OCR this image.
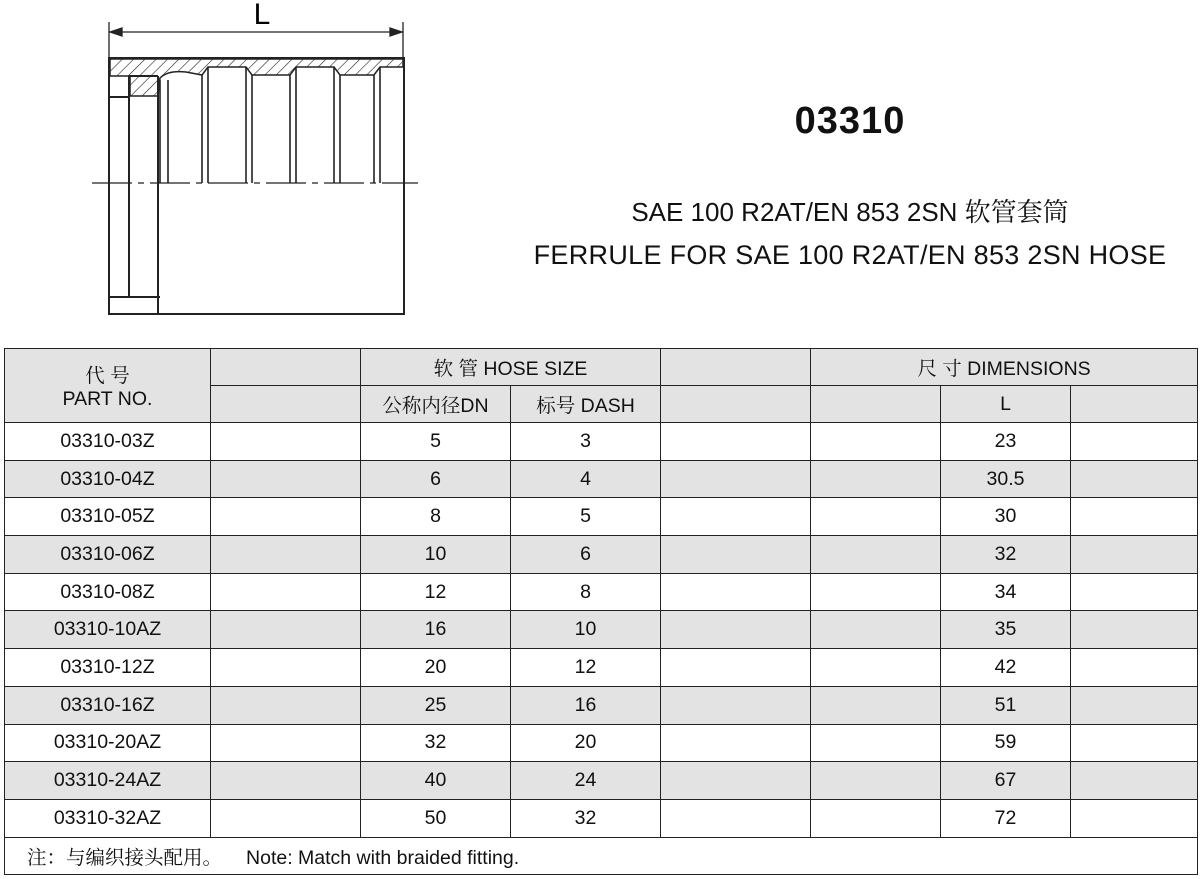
L
03310
SAE 100 R2AT/EN 853 2SN 软管套筒
FERRULE FOR SAE 100 R2AT/EN 853 2SN HOSE
代 号
PART NO.		软 管 HOSE SIZE			尺 寸 DIMENSIONS		
		公称内径DN	标号 DASH			L	
03310-03Z		5	3			23	
03310-04Z		6	4			30.5	
03310-05Z		8	5			30	
03310-06Z		10	6			32	
03310-08Z		12	8			34	
03310-10AZ		16	10			35	
03310-12Z		20	12			42	
03310-16Z		25	16			51	
03310-20AZ		32	20			59	
03310-24AZ		40	24			67	
03310-32AZ		50	32			72	
注：与编织接头配用。 Note: Match with braided fitting.							
